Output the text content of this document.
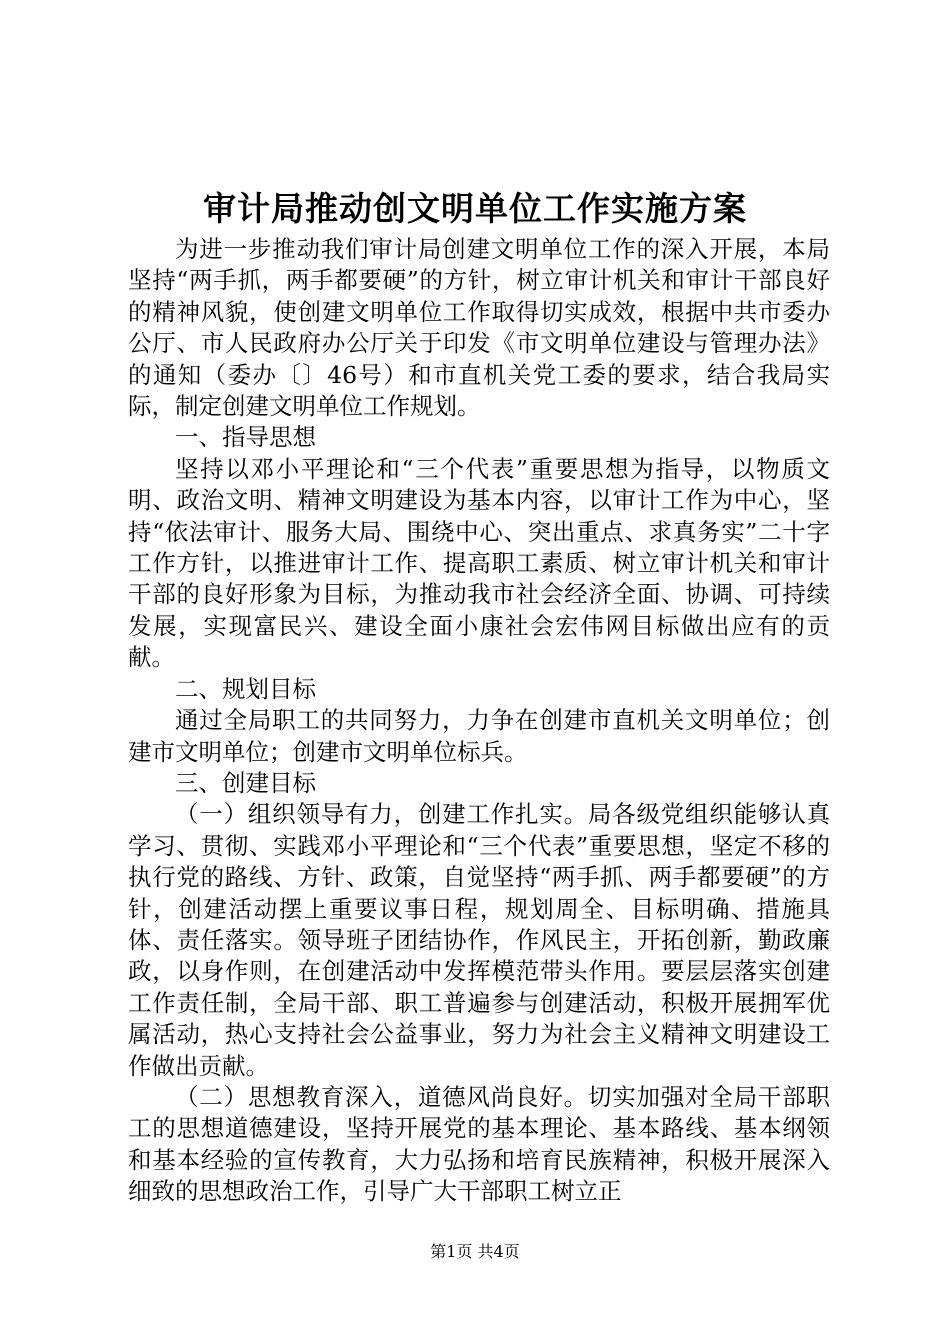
审计局推动创文明单位工作实施方案

为进一步推动我们审计局创建文明单位工作的深入开展，本局坚持“两手抓，两手都要硬”的方针，树立审计机关和审计干部良好的精神风貌，使创建文明单位工作取得切实成效，根据中共市委办公厅、市人民政府办公厅关于印发《市文明单位建设与管理办法》的通知（委办〔〕46号）和市直机关党工委的要求，结合我局实际，制定创建文明单位工作规划。

一、指导思想

坚持以邓小平理论和“三个代表”重要思想为指导，以物质文明、政治文明、精神文明建设为基本内容，以审计工作为中心，坚持“依法审计、服务大局、围绕中心、突出重点、求真务实”二十字工作方针，以推进审计工作、提高职工素质、树立审计机关和审计干部的良好形象为目标，为推动我市社会经济全面、协调、可持续发展，实现富民兴、建设全面小康社会宏伟网目标做出应有的贡献。

二、规划目标

通过全局职工的共同努力，力争在创建市直机关文明单位；创建市文明单位；创建市文明单位标兵。

三、创建目标

（一）组织领导有力，创建工作扎实。局各级党组织能够认真学习、贯彻、实践邓小平理论和“三个代表”重要思想，坚定不移的执行党的路线、方针、政策，自觉坚持“两手抓、两手都要硬”的方针，创建活动摆上重要议事日程，规划周全、目标明确、措施具体、责任落实。领导班子团结协作，作风民主，开拓创新，勤政廉政，以身作则，在创建活动中发挥模范带头作用。要层层落实创建工作责任制，全局干部、职工普遍参与创建活动，积极开展拥军优属活动，热心支持社会公益事业，努力为社会主义精神文明建设工作做出贡献。

（二）思想教育深入，道德风尚良好。切实加强对全局干部职工的思想道德建设，坚持开展党的基本理论、基本路线、基本纲领和基本经验的宣传教育，大力弘扬和培育民族精神，积极开展深入细致的思想政治工作，引导广大干部职工树立正

第1页 共4页
